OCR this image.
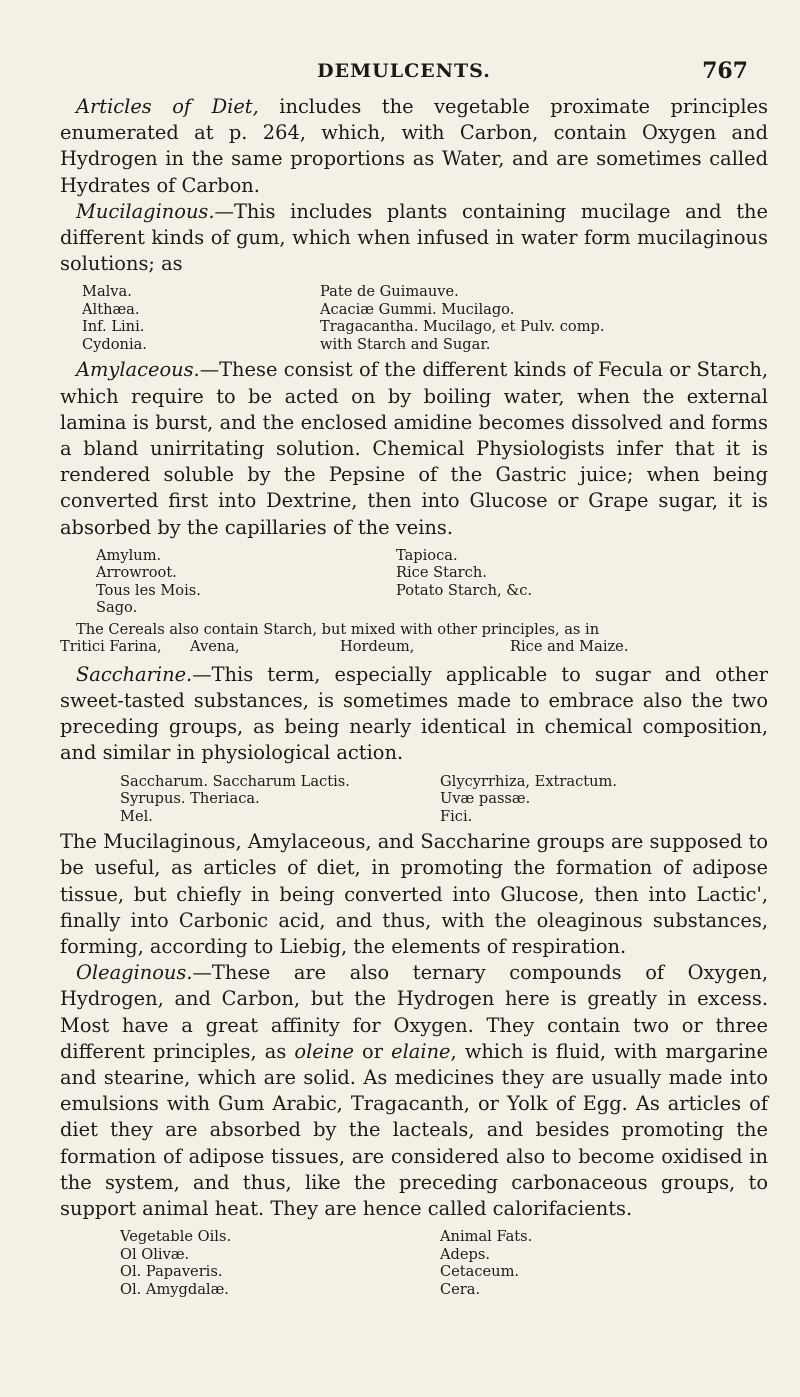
DEMULCENTS.	767

Articles of Diet, includes the vegetable proximate principles enumerated at p. 264, which, with Carbon, contain Oxygen and Hydrogen in the same proportions as Water, and are sometimes called Hydrates of Carbon.

Mucilaginous.—This includes plants containing mucilage and the different kinds of gum, which when infused in water form mucilaginous solutions; as

Malva.	Pate de Guimauve.
Althæa.	Acaciæ Gummi. Mucilago.
Inf. Lini.	Tragacantha. Mucilago, et Pulv. comp.
Cydonia.	with Starch and Sugar.

Amylaceous.—These consist of the different kinds of Fecula or Starch, which require to be acted on by boiling water, when the external lamina is burst, and the enclosed amidine becomes dissolved and forms a bland unirritating solution. Chemical Physiologists infer that it is rendered soluble by the Pepsine of the Gastric juice; when being converted first into Dextrine, then into Glucose or Grape sugar, it is absorbed by the capillaries of the veins.

Amylum.	Tapioca.
Arrowroot.	Rice Starch.
Tous les Mois.	Potato Starch, &c.
Sago.
The Cereals also contain Starch, but mixed with other principles, as in
Tritici Farina,	Avena,	Hordeum,	Rice and Maize.

Saccharine.—This term, especially applicable to sugar and other sweet-tasted substances, is sometimes made to embrace also the two preceding groups, as being nearly identical in chemical composition, and similar in physiological action.

Saccharum. Saccharum Lactis.	Glycyrrhiza, Extractum.
Syrupus. Theriaca.	Uvæ passæ.
Mel.	Fici.

The Mucilaginous, Amylaceous, and Saccharine groups are supposed to be useful, as articles of diet, in promoting the formation of adipose tissue, but chiefly in being converted into Glucose, then into Lactic', finally into Carbonic acid, and thus, with the oleaginous substances, forming, according to Liebig, the elements of respiration.

Oleaginous.—These are also ternary compounds of Oxygen, Hydrogen, and Carbon, but the Hydrogen here is greatly in excess. Most have a great affinity for Oxygen. They contain two or three different principles, as oleine or elaine, which is fluid, with margarine and stearine, which are solid. As medicines they are usually made into emulsions with Gum Arabic, Tragacanth, or Yolk of Egg. As articles of diet they are absorbed by the lacteals, and besides promoting the formation of adipose tissues, are considered also to become oxidised in the system, and thus, like the preceding carbonaceous groups, to support animal heat. They are hence called calorifacients.

Vegetable Oils.	Animal Fats.
Ol Olivæ.	Adeps.
Ol. Papaveris.	Cetaceum.
Ol. Amygdalæ.	Cera.
